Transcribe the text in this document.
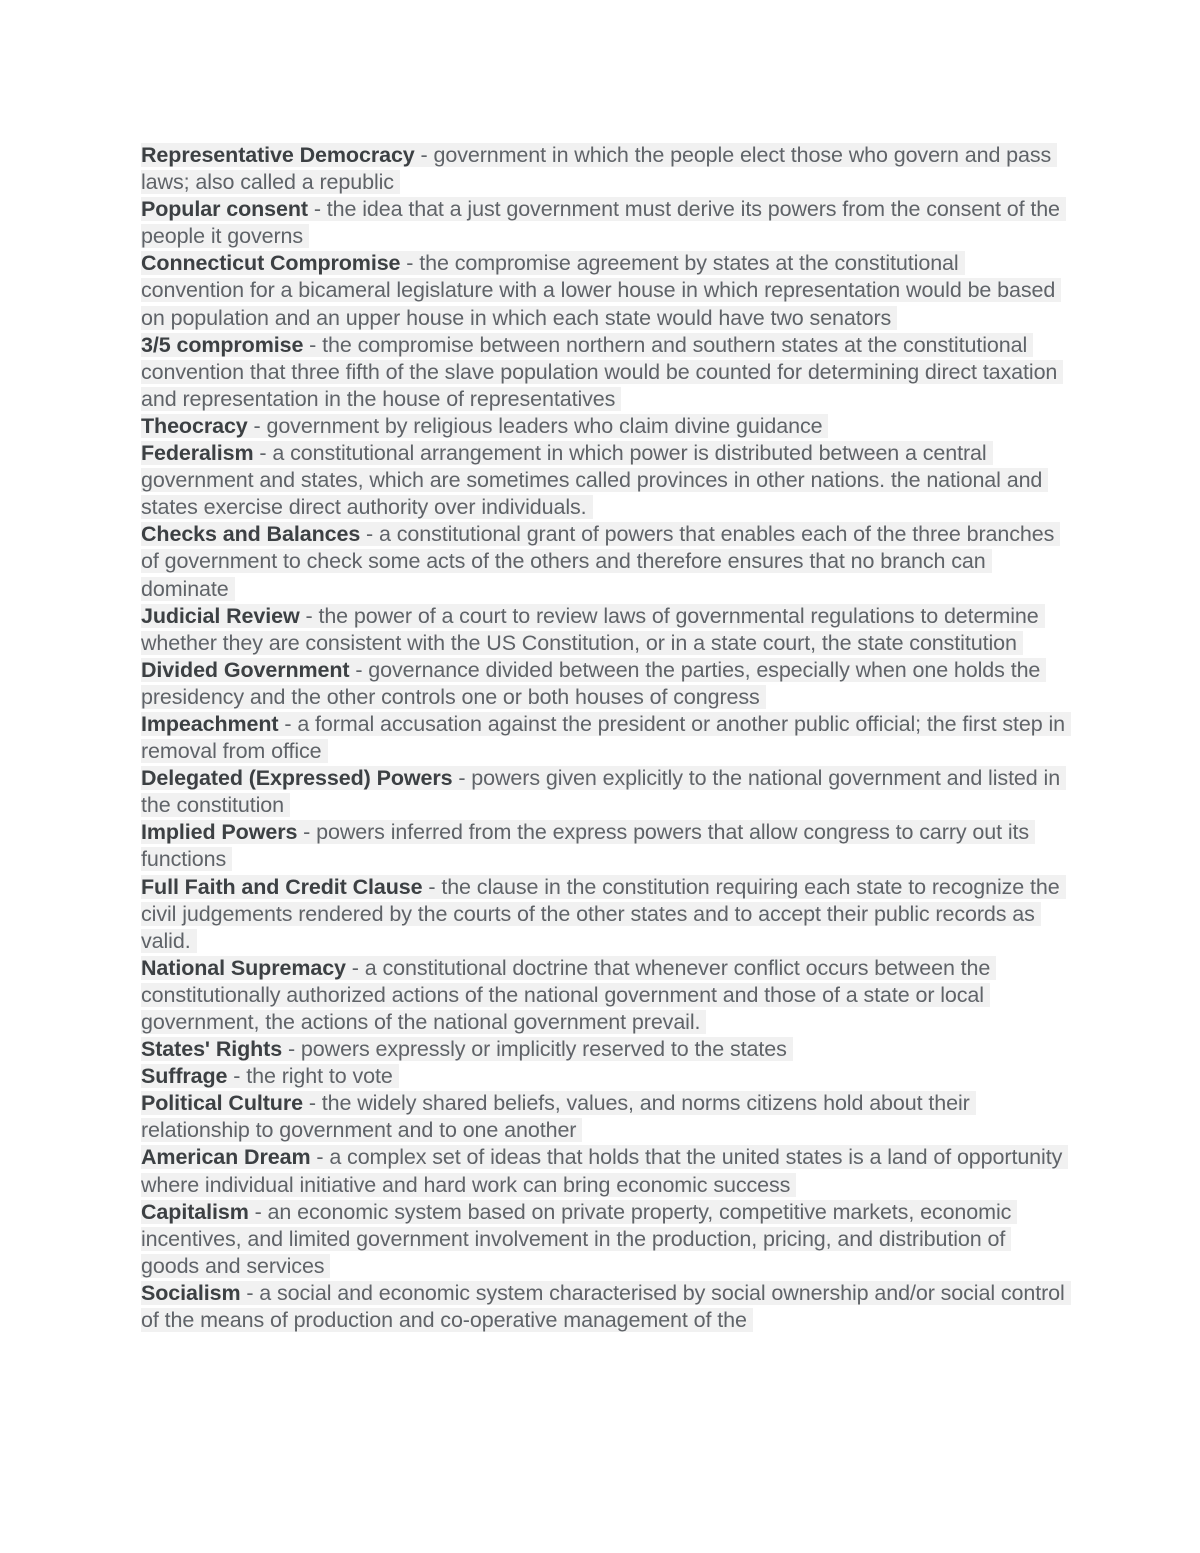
Representative Democracy - government in which the people elect those who govern and pass laws; also called a republic

Popular consent - the idea that a just government must derive its powers from the consent of the people it governs

Connecticut Compromise - the compromise agreement by states at the constitutional convention for a bicameral legislature with a lower house in which representation would be based on population and an upper house in which each state would have two senators

3/5 compromise - the compromise between northern and southern states at the constitutional convention that three fifth of the slave population would be counted for determining direct taxation and representation in the house of representatives

Theocracy - government by religious leaders who claim divine guidance

Federalism - a constitutional arrangement in which power is distributed between a central government and states, which are sometimes called provinces in other nations. the national and states exercise direct authority over individuals.

Checks and Balances - a constitutional grant of powers that enables each of the three branches of government to check some acts of the others and therefore ensures that no branch can dominate

Judicial Review - the power of a court to review laws of governmental regulations to determine whether they are consistent with the US Constitution, or in a state court, the state constitution

Divided Government - governance divided between the parties, especially when one holds the presidency and the other controls one or both houses of congress

Impeachment - a formal accusation against the president or another public official; the first step in removal from office

Delegated (Expressed) Powers - powers given explicitly to the national government and listed in the constitution

Implied Powers - powers inferred from the express powers that allow congress to carry out its functions

Full Faith and Credit Clause - the clause in the constitution requiring each state to recognize the civil judgements rendered by the courts of the other states and to accept their public records as valid.

National Supremacy - a constitutional doctrine that whenever conflict occurs between the constitutionally authorized actions of the national government and those of a state or local government, the actions of the national government prevail.

States' Rights - powers expressly or implicitly reserved to the states

Suffrage - the right to vote

Political Culture - the widely shared beliefs, values, and norms citizens hold about their relationship to government and to one another

American Dream - a complex set of ideas that holds that the united states is a land of opportunity where individual initiative and hard work can bring economic success

Capitalism - an economic system based on private property, competitive markets, economic incentives, and limited government involvement in the production, pricing, and distribution of goods and services

Socialism - a social and economic system characterised by social ownership and/or social control of the means of production and co-operative management of the
